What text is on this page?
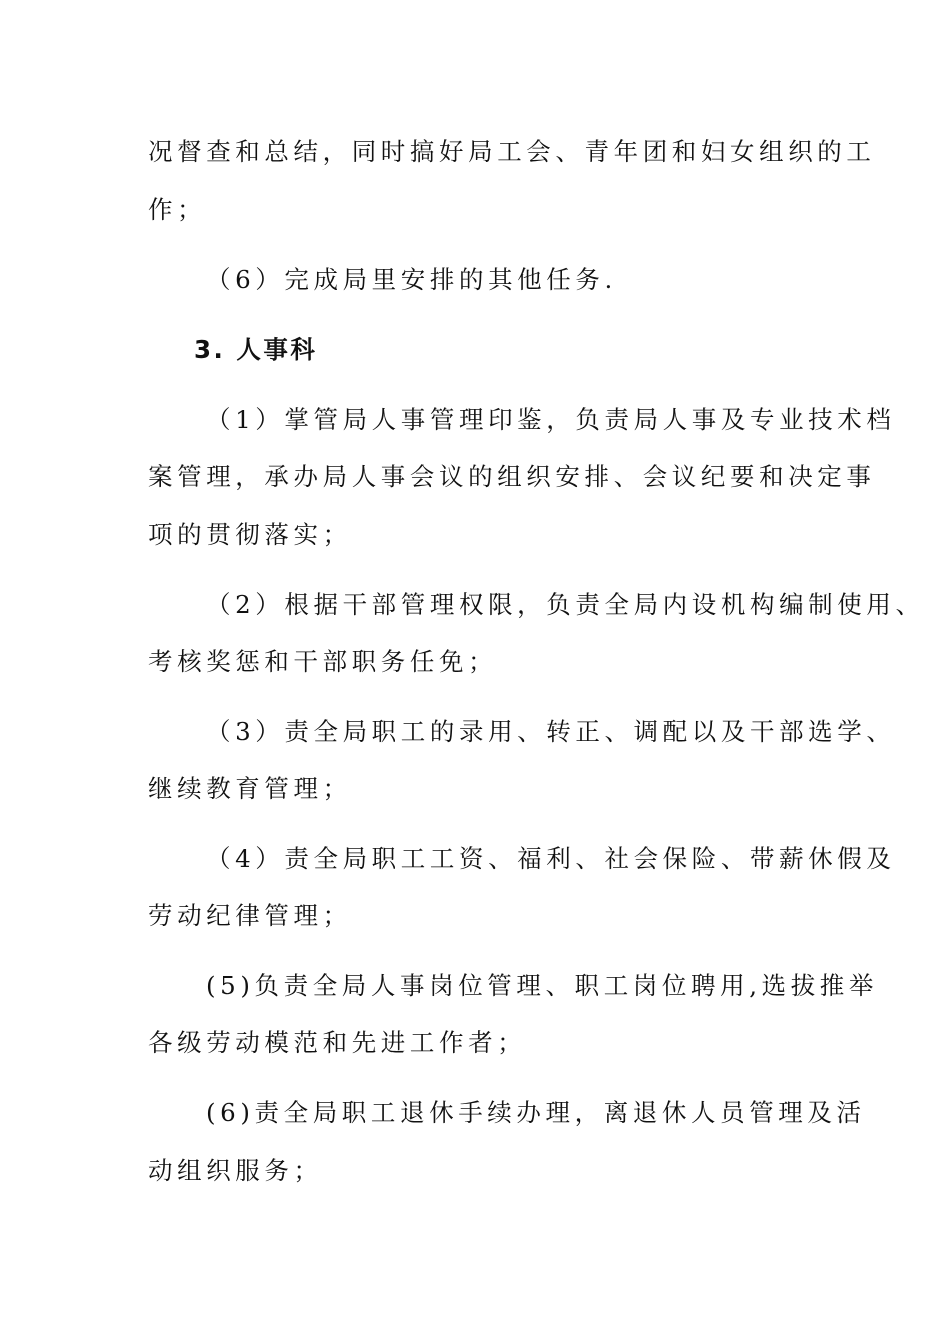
况督查和总结，同时搞好局工会、青年团和妇女组织的工
作；
（6）完成局里安排的其他任务.
3. 人事科
（1）掌管局人事管理印鉴，负责局人事及专业技术档
案管理，承办局人事会议的组织安排、会议纪要和决定事
项的贯彻落实；
（2）根据干部管理权限，负责全局内设机构编制使用、
考核奖惩和干部职务任免；
（3）责全局职工的录用、转正、调配以及干部选学、
继续教育管理；
（4）责全局职工工资、福利、社会保险、带薪休假及
劳动纪律管理；
(5)负责全局人事岗位管理、职工岗位聘用,选拔推举
各级劳动模范和先进工作者；
(6)责全局职工退休手续办理，离退休人员管理及活
动组织服务；
